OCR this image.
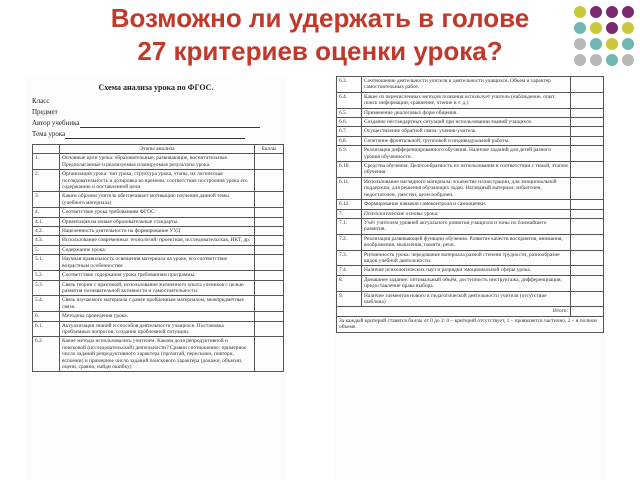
Возможно ли удержать в голове
27 критериев оценки урока?
Схема анализа урока по ФГОС.
Класс
Предмет
Автор учебника
Тема урока
	Этапы анализа	Баллы
1.	Основные цели урока: образовательные, развивающие, воспитательные. Предполагаемые и реализуемые планируемые результаты урока.	
2.	Организация урока: тип урока, структура урока, этапы, их логическая последовательность и дозировка во времени, соответствие построения урока его содержанию и поставленной цели.	
3.	Каким образом учитель обеспечивает мотивацию изучения данной темы (учебного материала)	
4.	Соответствие урока требованиям ФГОС:	
4.1.	Ориентация на новые образовательные стандарты.	
4.2.	Нацеленность деятельности на формирование УУД	
4.3.	Использование современных технологий: проектная, исследовательская, ИКТ, др.	
5.	Содержание урока:	
5.1.	Научная правильность освещения материала на уроке, его соответствие возрастным особенностям	
5.2.	Соответствие содержания урока требованиям программы.	
5.3.	Связь теории с практикой, использование жизненного опыта учеников с целью развития познавательной активности и самостоятельности.	
5.4.	Связь изучаемого материала с ранее пройденным материалом, межпредметные связи.	
6.	Методика проведения урока.	
6.1.	Актуализация знаний и способов деятельности учащихся. Постановка проблемных вопросов, создание проблемной ситуации.	
6.2.	Какие методы использовались учителем. Какова доля репродуктивной и поисковой (исследовательской) деятельности? Сравни соотношение: примерное число заданий репродуктивного характера (прочитай, перескажи, повтори, вспомни) и примерное число заданий поискового характера (докажи, объясни, оцени, сравни, найди ошибку)	
6.3.	Соотношение деятельности учителя и деятельности учащихся. Объем и характер самостоятельных работ.	
6.4.	Какие из перечисленных методов познания использует учитель (наблюдение, опыт, поиск информации, сравнение, чтение и т. д.)	
6.5.	Применение диалоговых форм общения.	
6.6.	Создание нестандартных ситуаций при использовании знаний учащихся.	
6.7.	Осуществление обратной связи: ученик-учитель.	
6.8.	Сочетание фронтальной, групповой и индивидуальной работы.	
6.9.	Реализация дифференцированного обучения. Наличие заданий для детей разного уровня обученности.	
6.10.	Средства обучения. Целесообразность их использования в соответствии с темой, этапом обучения.	
6.11.	Использование наглядного материала: в качестве иллюстрации, для эмоциональной поддержки, для решения обучающих задач. Наглядный материал: избыточен, недостаточен, уместен, целесообразен.	
6.12.	Формирование навыков самоконтроля и самооценки.	
7.	Психологические основы урока:	
7.1.	Учёт учителем уровней актуального развития учащихся и зоны их ближайшего развития.	
7.2.	Реализация развивающей функции обучения. Развитие качеств восприятия, внимания, воображения, мышления, памяти, речи.	
7.3.	Ритмичность урока: чередование материала разной степени трудности, разнообразие видов учебной деятельности.	
7.4.	Наличие психологических пауз и разрядки эмоциональной сферы урока.	
8.	Домашнее задание: оптимальный объём, доступность инструктажа, дифференциация, предоставление права выбора.	
9.	Наличие элементов нового в педагогической деятельности учителя (отсутствие шаблона)	
Итого:		
За каждый критерий ставятся баллы от 0 до 2: 0 – критерий отсутствует, 1 – проявляется частично, 2 – в полном объеме.		
